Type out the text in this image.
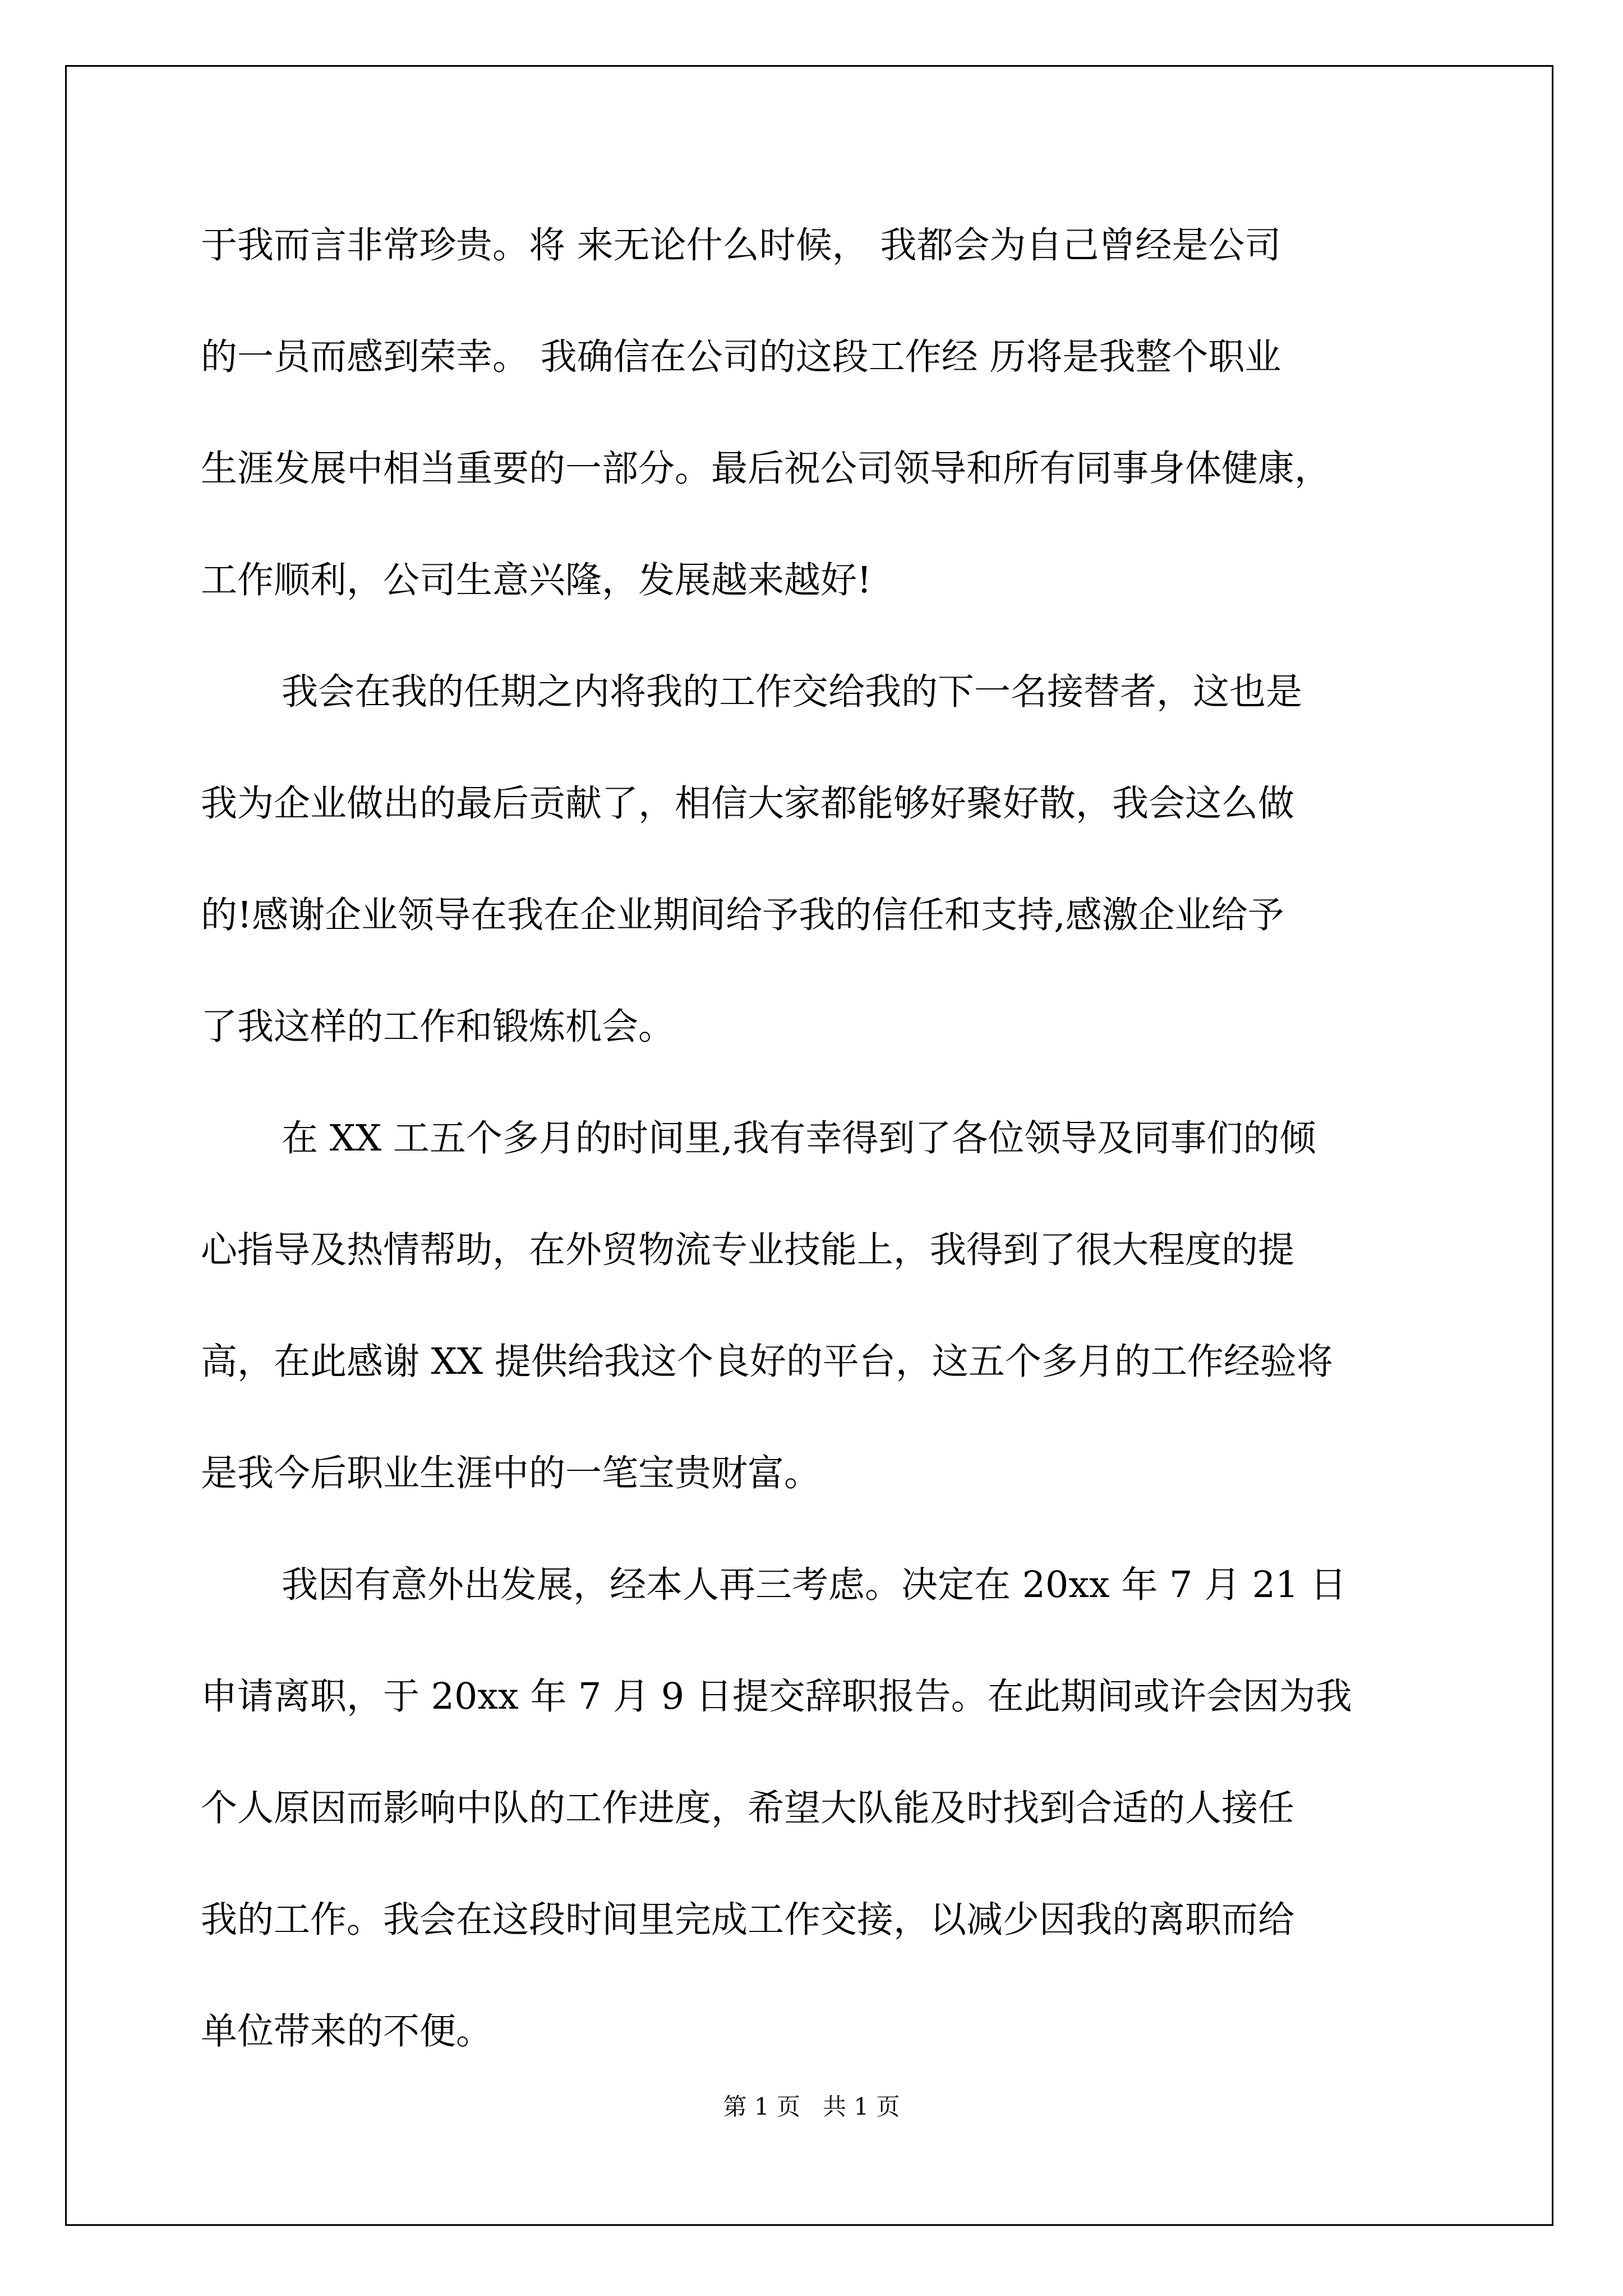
于我而言非常珍贵。将 来无论什么时候， 我都会为自己曾经是公司
的一员而感到荣幸。 我确信在公司的这段工作经 历将是我整个职业
生涯发展中相当重要的一部分。最后祝公司领导和所有同事身体健康，
工作顺利，公司生意兴隆，发展越来越好!
我会在我的任期之内将我的工作交给我的下一名接替者，这也是
我为企业做出的最后贡献了，相信大家都能够好聚好散，我会这么做
的!感谢企业领导在我在企业期间给予我的信任和支持,感激企业给予
了我这样的工作和锻炼机会。
在 XX 工五个多月的时间里,我有幸得到了各位领导及同事们的倾
心指导及热情帮助，在外贸物流专业技能上，我得到了很大程度的提
高，在此感谢 XX 提供给我这个良好的平台，这五个多月的工作经验将
是我今后职业生涯中的一笔宝贵财富。
我因有意外出发展，经本人再三考虑。决定在 20xx 年 7 月 21 日
申请离职，于 20xx 年 7 月 9 日提交辞职报告。在此期间或许会因为我
个人原因而影响中队的工作进度，希望大队能及时找到合适的人接任
我的工作。我会在这段时间里完成工作交接，以减少因我的离职而给
单位带来的不便。
第 1 页   共 1 页
